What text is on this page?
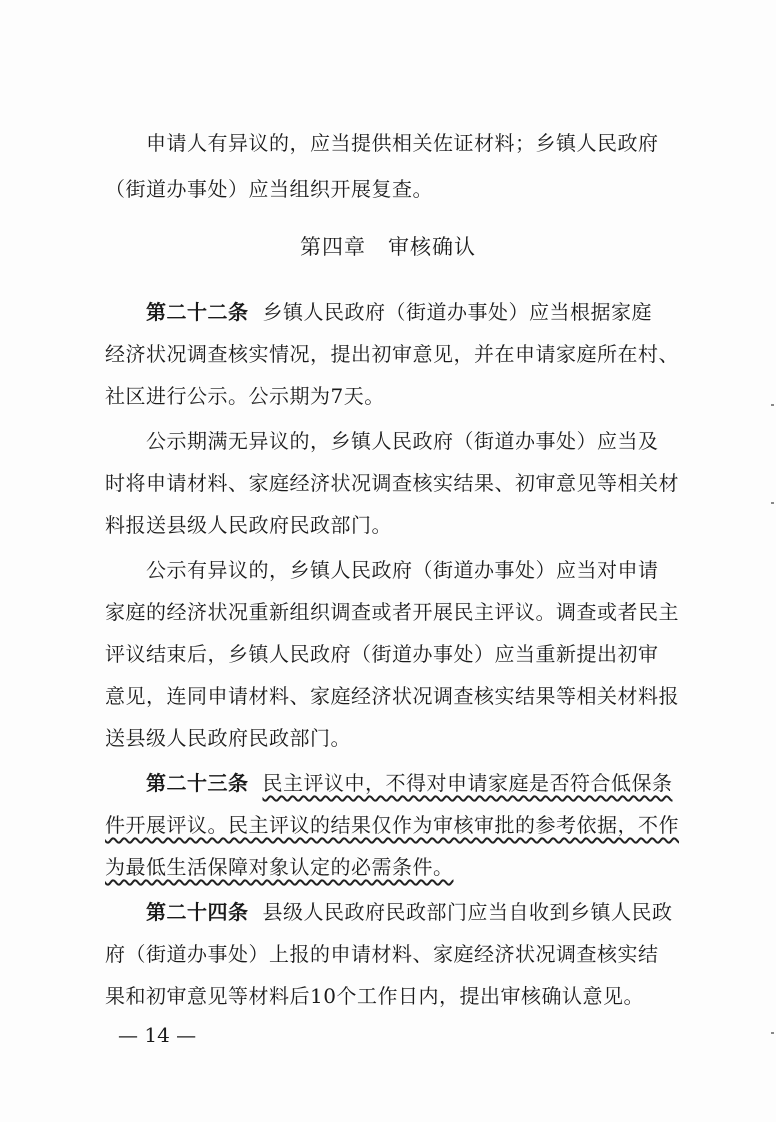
申请人有异议的，应当提供相关佐证材料；乡镇人民政府
（街道办事处）应当组织开展复查。
第四章　审核确认
第二十二条 乡镇人民政府（街道办事处）应当根据家庭
经济状况调查核实情况，提出初审意见，并在申请家庭所在村、
社区进行公示。公示期为7天。
公示期满无异议的，乡镇人民政府（街道办事处）应当及
时将申请材料、家庭经济状况调查核实结果、初审意见等相关材
料报送县级人民政府民政部门。
公示有异议的，乡镇人民政府（街道办事处）应当对申请
家庭的经济状况重新组织调查或者开展民主评议。调查或者民主
评议结束后，乡镇人民政府（街道办事处）应当重新提出初审
意见，连同申请材料、家庭经济状况调查核实结果等相关材料报
送县级人民政府民政部门。
第二十三条 民主评议中，不得对申请家庭是否符合低保条
件开展评议。民主评议的结果仅作为审核审批的参考依据，不作
为最低生活保障对象认定的必需条件。
第二十四条 县级人民政府民政部门应当自收到乡镇人民政
府（街道办事处）上报的申请材料、家庭经济状况调查核实结
果和初审意见等材料后10个工作日内，提出审核确认意见。
— 14 —
